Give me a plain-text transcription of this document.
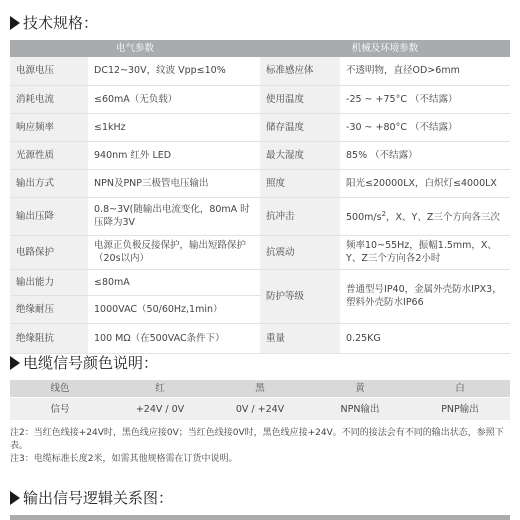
技术规格：
电气参数		机械及环境参数	
电源电压	DC12~30V，纹波 Vpp≤10%	标准感应体	不透明物，直径OD>6mm
消耗电流	≤60mA（无负载）	使用温度	-25 ~ +75°C （不结露）
响应频率	≤1kHz	储存温度	-30 ~ +80°C （不结露）
光源性质	940nm 红外 LED	最大湿度	85% （不结露）
输出方式	NPN及PNP三极管电压输出	照度	阳光≤20000LX，白炽灯≤4000LX
输出压降	0.8~3V(随输出电流变化，80mA 时压降为3V	抗冲击	$500m/s^2$，X、Y、Z三个方向各三次
电路保护	电源正负极反接保护，输出短路保护（20s以内）	抗震动	频率10~55Hz，振幅1.5mm，X、Y、Z三个方向各2小时
输出能力	≤80mA	防护等级	普通型号IP40，金属外壳防水IPX3，塑料外壳防水IP66
绝缘耐压	1000VAC（50/60Hz,1min）		
绝缘阻抗	100 MΩ（在500VAC条件下）	重量	0.25KG
电缆信号颜色说明：
线色	红	黑	黄	白
信号	+24V / 0V	0V / +24V	NPN输出	PNP输出

注2：当红色线接+24V时，黑色线应接0V；当红色线接0V时，黑色线应接+24V。不同的接法会有不同的输出状态，参照下表。

注3：电缆标准长度2米，如需其他规格需在订货中说明。

输出信号逻辑关系图：
